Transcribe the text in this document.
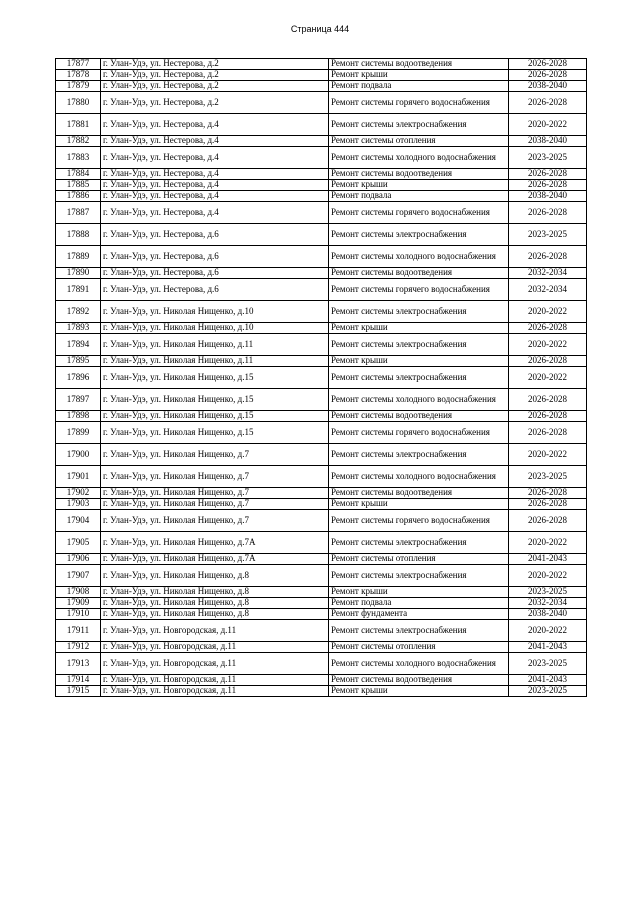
Страница 444
17877	г. Улан-Удэ, ул. Нестерова, д.2	Ремонт системы водоотведения	2026-2028
17878	г. Улан-Удэ, ул. Нестерова, д.2	Ремонт крыши	2026-2028
17879	г. Улан-Удэ, ул. Нестерова, д.2	Ремонт подвала	2038-2040
17880	г. Улан-Удэ, ул. Нестерова, д.2	Ремонт системы горячего водоснабжения	2026-2028
17881	г. Улан-Удэ, ул. Нестерова, д.4	Ремонт системы электроснабжения	2020-2022
17882	г. Улан-Удэ, ул. Нестерова, д.4	Ремонт системы отопления	2038-2040
17883	г. Улан-Удэ, ул. Нестерова, д.4	Ремонт системы холодного водоснабжения	2023-2025
17884	г. Улан-Удэ, ул. Нестерова, д.4	Ремонт системы водоотведения	2026-2028
17885	г. Улан-Удэ, ул. Нестерова, д.4	Ремонт крыши	2026-2028
17886	г. Улан-Удэ, ул. Нестерова, д.4	Ремонт подвала	2038-2040
17887	г. Улан-Удэ, ул. Нестерова, д.4	Ремонт системы горячего водоснабжения	2026-2028
17888	г. Улан-Удэ, ул. Нестерова, д.6	Ремонт системы электроснабжения	2023-2025
17889	г. Улан-Удэ, ул. Нестерова, д.6	Ремонт системы холодного водоснабжения	2026-2028
17890	г. Улан-Удэ, ул. Нестерова, д.6	Ремонт системы водоотведения	2032-2034
17891	г. Улан-Удэ, ул. Нестерова, д.6	Ремонт системы горячего водоснабжения	2032-2034
17892	г. Улан-Удэ, ул. Николая Нищенко, д.10	Ремонт системы электроснабжения	2020-2022
17893	г. Улан-Удэ, ул. Николая Нищенко, д.10	Ремонт крыши	2026-2028
17894	г. Улан-Удэ, ул. Николая Нищенко, д.11	Ремонт системы электроснабжения	2020-2022
17895	г. Улан-Удэ, ул. Николая Нищенко, д.11	Ремонт крыши	2026-2028
17896	г. Улан-Удэ, ул. Николая Нищенко, д.15	Ремонт системы электроснабжения	2020-2022
17897	г. Улан-Удэ, ул. Николая Нищенко, д.15	Ремонт системы холодного водоснабжения	2026-2028
17898	г. Улан-Удэ, ул. Николая Нищенко, д.15	Ремонт системы водоотведения	2026-2028
17899	г. Улан-Удэ, ул. Николая Нищенко, д.15	Ремонт системы горячего водоснабжения	2026-2028
17900	г. Улан-Удэ, ул. Николая Нищенко, д.7	Ремонт системы электроснабжения	2020-2022
17901	г. Улан-Удэ, ул. Николая Нищенко, д.7	Ремонт системы холодного водоснабжения	2023-2025
17902	г. Улан-Удэ, ул. Николая Нищенко, д.7	Ремонт системы водоотведения	2026-2028
17903	г. Улан-Удэ, ул. Николая Нищенко, д.7	Ремонт крыши	2026-2028
17904	г. Улан-Удэ, ул. Николая Нищенко, д.7	Ремонт системы горячего водоснабжения	2026-2028
17905	г. Улан-Удэ, ул. Николая Нищенко, д.7А	Ремонт системы электроснабжения	2020-2022
17906	г. Улан-Удэ, ул. Николая Нищенко, д.7А	Ремонт системы отопления	2041-2043
17907	г. Улан-Удэ, ул. Николая Нищенко, д.8	Ремонт системы электроснабжения	2020-2022
17908	г. Улан-Удэ, ул. Николая Нищенко, д.8	Ремонт крыши	2023-2025
17909	г. Улан-Удэ, ул. Николая Нищенко, д.8	Ремонт подвала	2032-2034
17910	г. Улан-Удэ, ул. Николая Нищенко, д.8	Ремонт фундамента	2038-2040
17911	г. Улан-Удэ, ул. Новгородская, д.11	Ремонт системы электроснабжения	2020-2022
17912	г. Улан-Удэ, ул. Новгородская, д.11	Ремонт системы отопления	2041-2043
17913	г. Улан-Удэ, ул. Новгородская, д.11	Ремонт системы холодного водоснабжения	2023-2025
17914	г. Улан-Удэ, ул. Новгородская, д.11	Ремонт системы водоотведения	2041-2043
17915	г. Улан-Удэ, ул. Новгородская, д.11	Ремонт крыши	2023-2025
